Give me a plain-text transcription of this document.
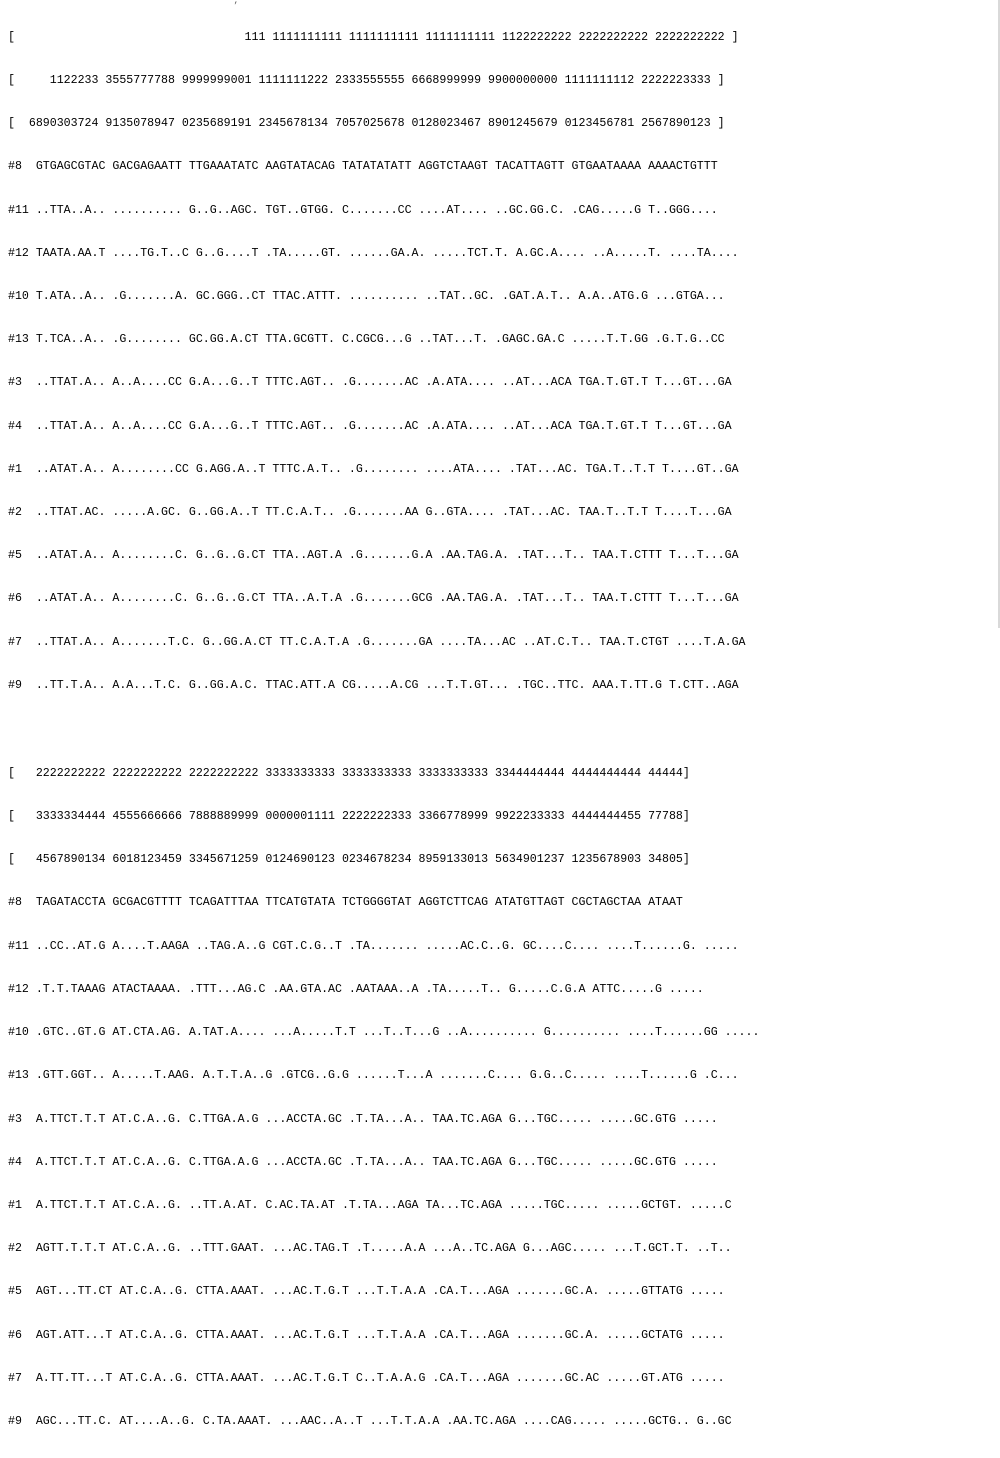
’

[                                 111 1111111111 1111111111 1111111111 1122222222 2222222222 2222222222 ]

[     1122233 3555777788 9999999001 1111111222 2333555555 6668999999 9900000000 1111111112 2222223333 ]

[  6890303724 9135078947 0235689191 2345678134 7057025678 0128023467 8901245679 0123456781 2567890123 ]

#8  GTGAGCGTAC GACGAGAATT TTGAAATATC AAGTATACAG TATATATATT AGGTCTAAGT TACATTAGTT GTGAATAAAA AAAACTGTTT

#11 ..TTA..A.. .......... G..G..AGC. TGT..GTGG. C.......CC ....AT.... ..GC.GG.C. .CAG.....G T..GGG....

#12 TAATA.AA.T ....TG.T..C G..G....T .TA.....GT. ......GA.A. .....TCT.T. A.GC.A.... ..A.....T. ....TA....

#10 T.ATA..A.. .G.......A. GC.GGG..CT TTAC.ATTT. .......... ..TAT..GC. .GAT.A.T.. A.A..ATG.G ...GTGA...

#13 T.TCA..A.. .G........ GC.GG.A.CT TTA.GCGTT. C.CGCG...G ..TAT...T. .GAGC.GA.C .....T.T.GG .G.T.G..CC

#3  ..TTAT.A.. A..A....CC G.A...G..T TTTC.AGT.. .G.......AC .A.ATA.... ..AT...ACA TGA.T.GT.T T...GT...GA

#4  ..TTAT.A.. A..A....CC G.A...G..T TTTC.AGT.. .G.......AC .A.ATA.... ..AT...ACA TGA.T.GT.T T...GT...GA

#1  ..ATAT.A.. A........CC G.AGG.A..T TTTC.A.T.. .G........ ....ATA.... .TAT...AC. TGA.T..T.T T....GT..GA

#2  ..TTAT.AC. .....A.GC. G..GG.A..T TT.C.A.T.. .G.......AA G..GTA.... .TAT...AC. TAA.T..T.T T....T...GA

#5  ..ATAT.A.. A........C. G..G..G.CT TTA..AGT.A .G.......G.A .AA.TAG.A. .TAT...T.. TAA.T.CTTT T...T...GA

#6  ..ATAT.A.. A........C. G..G..G.CT TTA..A.T.A .G.......GCG .AA.TAG.A. .TAT...T.. TAA.T.CTTT T...T...GA

#7  ..TTAT.A.. A.......T.C. G..GG.A.CT TT.C.A.T.A .G.......GA ....TA...AC ..AT.C.T.. TAA.T.CTGT ....T.A.GA

#9  ..TT.T.A.. A.A...T.C. G..GG.A.C. TTAC.ATT.A CG.....A.CG ...T.T.GT... .TGC..TTC. AAA.T.TT.G T.CTT..AGA

[   2222222222 2222222222 2222222222 3333333333 3333333333 3333333333 3344444444 4444444444 44444]

[   3333334444 4555666666 7888889999 0000001111 2222222333 3366778999 9922233333 4444444455 77788]

[   4567890134 6018123459 3345671259 0124690123 0234678234 8959133013 5634901237 1235678903 34805]

#8  TAGATACCTA GCGACGTTTT TCAGATTTAA TTCATGTATA TCTGGGGTAT AGGTCTTCAG ATATGTTAGT CGCTAGCTAA ATAAT

#11 ..CC..AT.G A....T.AAGA ..TAG.A..G CGT.C.G..T .TA....... .....AC.C..G. GC....C.... ....T......G. .....

#12 .T.T.TAAAG ATACTAAAA. .TTT...AG.C .AA.GTA.AC .AATAAA..A .TA.....T.. G.....C.G.A ATTC.....G .....

#10 .GTC..GT.G AT.CTA.AG. A.TAT.A.... ...A.....T.T ...T..T...G ..A.......... G.......... ....T......GG .....

#13 .GTT.GGT.. A.....T.AAG. A.T.T.A..G .GTCG..G.G ......T...A .......C.... G.G..C..... ....T......G .C...

#3  A.TTCT.T.T AT.C.A..G. C.TTGA.A.G ...ACCTA.GC .T.TA...A.. TAA.TC.AGA G...TGC..... .....GC.GTG .....

#4  A.TTCT.T.T AT.C.A..G. C.TTGA.A.G ...ACCTA.GC .T.TA...A.. TAA.TC.AGA G...TGC..... .....GC.GTG .....

#1  A.TTCT.T.T AT.C.A..G. ..TT.A.AT. C.AC.TA.AT .T.TA...AGA TA...TC.AGA .....TGC..... .....GCTGT. .....C

#2  AGTT.T.T.T AT.C.A..G. ..TTT.GAAT. ...AC.TAG.T .T.....A.A ...A..TC.AGA G...AGC..... ...T.GCT.T. ..T..

#5  AGT...TT.CT AT.C.A..G. CTTA.AAAT. ...AC.T.G.T ...T.T.A.A .CA.T...AGA .......GC.A. .....GTTATG .....

#6  AGT.ATT...T AT.C.A..G. CTTA.AAAT. ...AC.T.G.T ...T.T.A.A .CA.T...AGA .......GC.A. .....GCTATG .....

#7  A.TT.TT...T AT.C.A..G. CTTA.AAAT. ...AC.T.G.T C..T.A.A.G .CA.T...AGA .......GC.AC .....GT.ATG .....

#9  AGC...TT.C. AT....A..G. C.TA.AAAT. ...AAC..A..T ...T.T.A.A .AA.TC.AGA ....CAG..... .....GCTG.. G..GC
